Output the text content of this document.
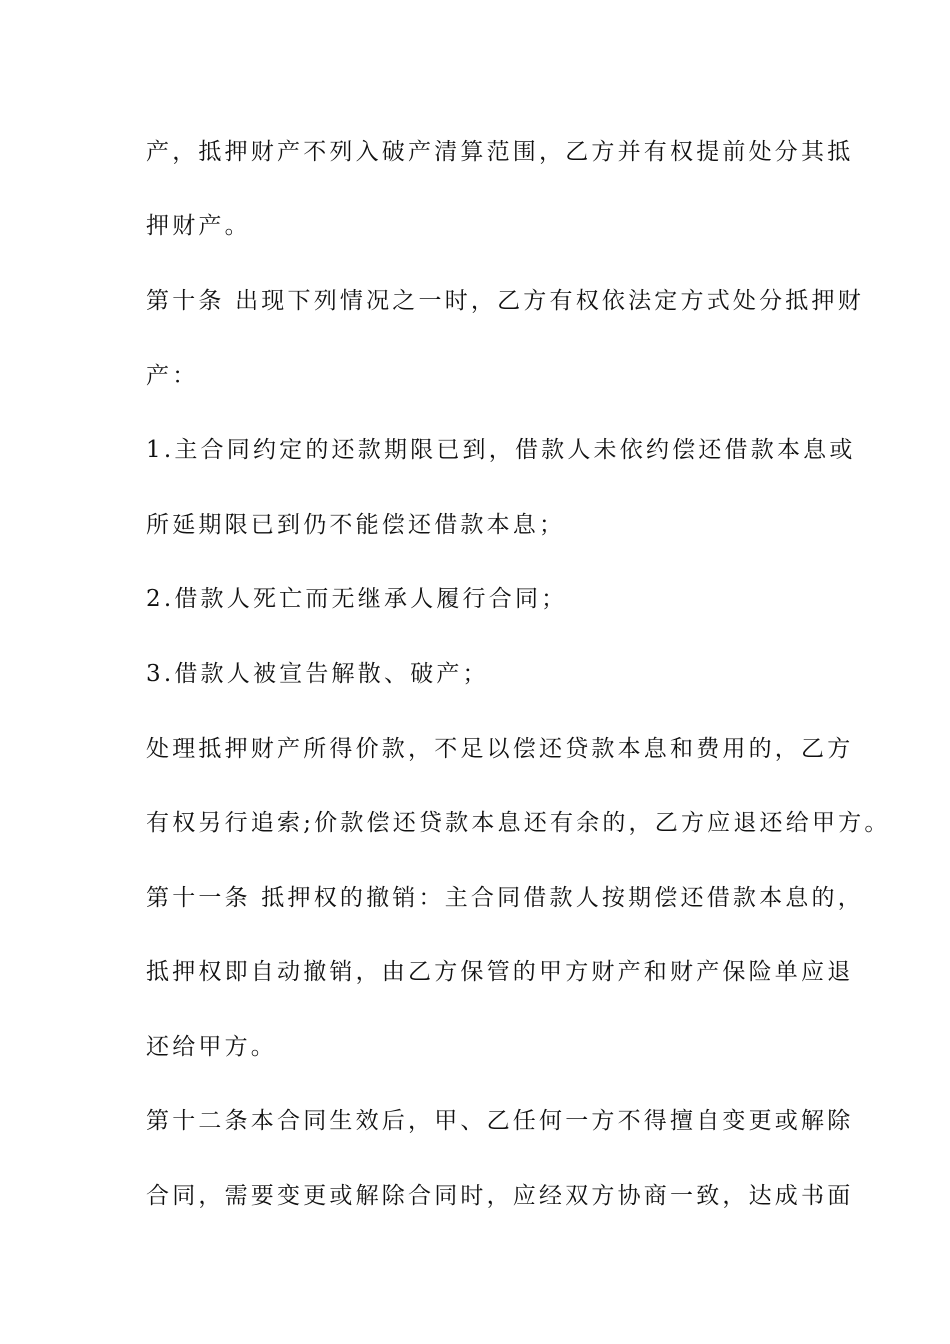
产，抵押财产不列入破产清算范围，乙方并有权提前处分其抵
押财产。
第十条 出现下列情况之一时，乙方有权依法定方式处分抵押财
产：
1.主合同约定的还款期限已到，借款人未依约偿还借款本息或
所延期限已到仍不能偿还借款本息；
2.借款人死亡而无继承人履行合同；
3.借款人被宣告解散、破产；
处理抵押财产所得价款，不足以偿还贷款本息和费用的，乙方
有权另行追索;价款偿还贷款本息还有余的，乙方应退还给甲方。
第十一条 抵押权的撤销：主合同借款人按期偿还借款本息的，
抵押权即自动撤销，由乙方保管的甲方财产和财产保险单应退
还给甲方。
第十二条本合同生效后，甲、乙任何一方不得擅自变更或解除
合同，需要变更或解除合同时，应经双方协商一致，达成书面
